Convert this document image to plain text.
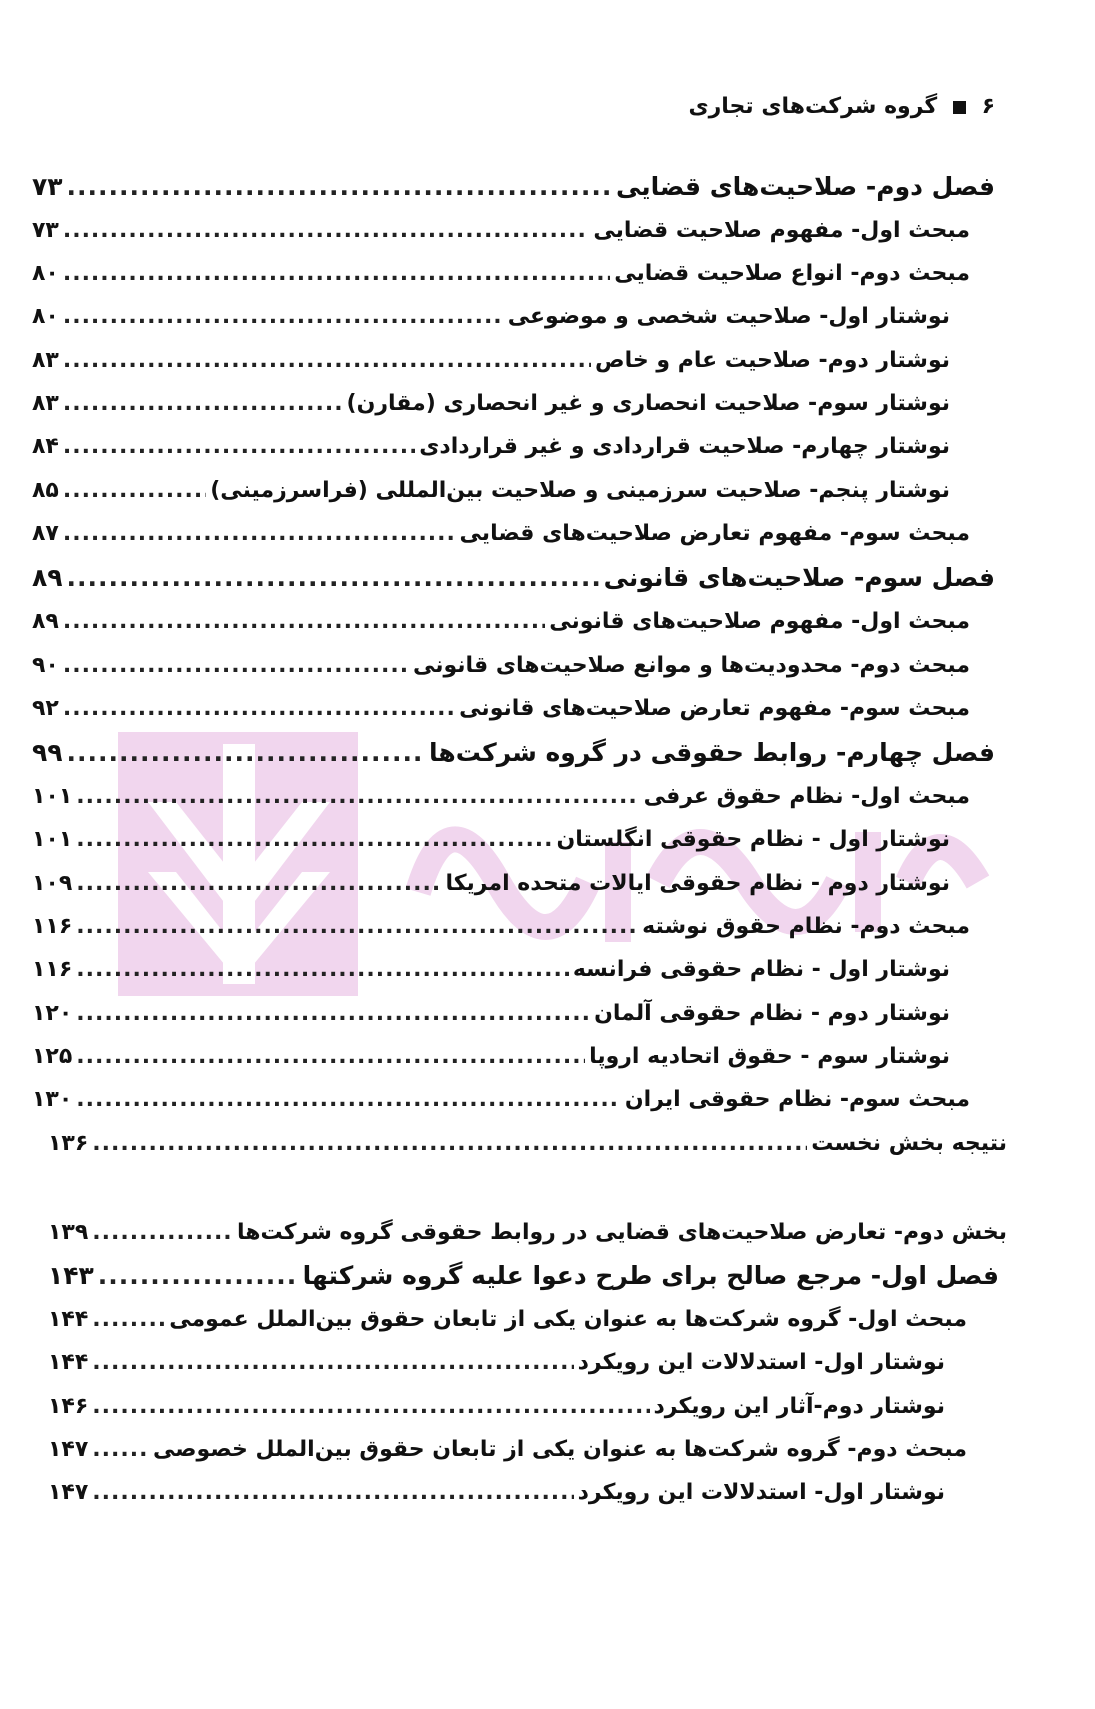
۶  گروه شرکت‌های تجاری
فصل دوم- صلاحیت‌های قضایی
.....
۷۳
مبحث اول- مفهوم صلاحیت قضایی
.....
۷۳
مبحث دوم- انواع صلاحیت قضایی
.....
۸۰
نوشتار اول- صلاحیت شخصی و موضوعی
.....
۸۰
نوشتار دوم- صلاحیت عام و خاص
.....
۸۳
نوشتار سوم- صلاحیت انحصاری و غیر انحصاری (مقارن)
.....
۸۳
نوشتار چهارم- صلاحیت قراردادی و غیر قراردادی
.....
۸۴
نوشتار پنجم- صلاحیت سرزمینی و صلاحیت بین‌المللی (فراسرزمینی)
.....
۸۵
مبحث سوم- مفهوم تعارض صلاحیت‌های قضایی
.....
۸۷
فصل سوم- صلاحیت‌های قانونی
.....
۸۹
مبحث اول- مفهوم صلاحیت‌های قانونی
.....
۸۹
مبحث دوم- محدودیت‌ها و موانع صلاحیت‌های قانونی
.....
۹۰
مبحث سوم- مفهوم تعارض صلاحیت‌های قانونی
.....
۹۲
فصل چهارم- روابط حقوقی در گروه شرکت‌ها
.....
۹۹
مبحث اول- نظام حقوق عرفی
.....
۱۰۱
نوشتار اول - نظام حقوقی انگلستان
.....
۱۰۱
نوشتار دوم - نظام حقوقی ایالات متحده امریکا
.....
۱۰۹
مبحث دوم- نظام حقوق نوشته
.....
۱۱۶
نوشتار اول - نظام حقوقی فرانسه
.....
۱۱۶
نوشتار دوم - نظام حقوقی آلمان
.....
۱۲۰
نوشتار سوم - حقوق اتحادیه اروپا
.....
۱۲۵
مبحث سوم- نظام حقوقی ایران
.....
۱۳۰
نتیجه بخش نخست
.....
۱۳۶
بخش دوم- تعارض صلاحیت‌های قضایی در روابط حقوقی گروه شرکت‌ها
.....
۱۳۹
فصل اول- مرجع صالح برای طرح دعوا علیه گروه شرکتها
.....
۱۴۳
مبحث اول- گروه شرکت‌ها به عنوان یکی از تابعان حقوق بین‌الملل عمومی
.....
۱۴۴
نوشتار اول- استدلالات این رویکرد
.....
۱۴۴
نوشتار دوم-آثار این رویکرد
.....
۱۴۶
مبحث دوم- گروه شرکت‌ها به عنوان یکی از تابعان حقوق بین‌الملل خصوصی
.....
۱۴۷
نوشتار اول- استدلالات این رویکرد
.....
۱۴۷
